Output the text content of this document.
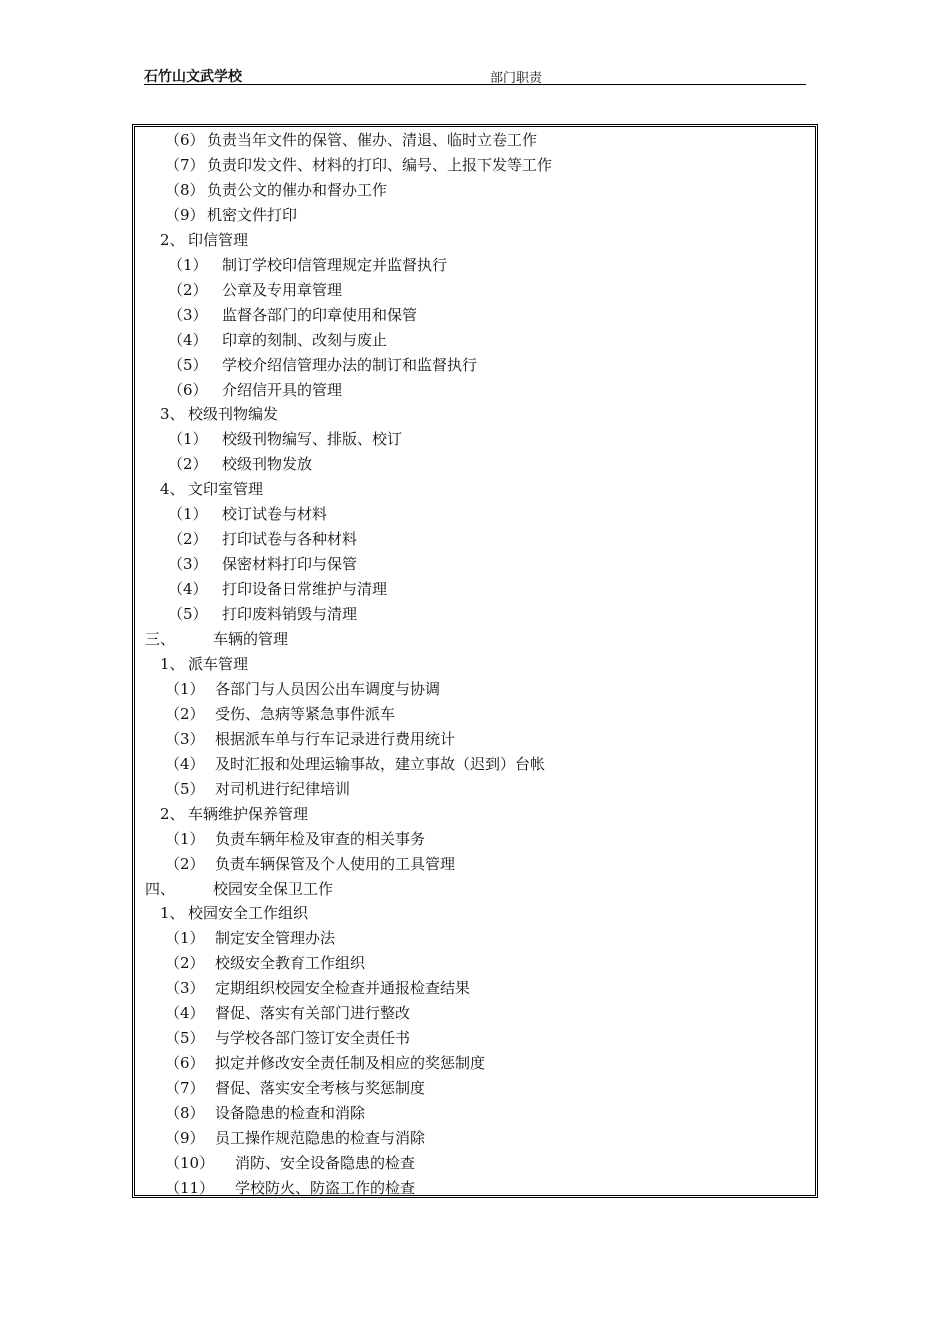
石竹山文武学校	部门职责
（6） 负责当年文件的保管、催办、清退、临时立卷工作
（7） 负责印发文件、材料的打印、编号、上报下发等工作
（8） 负责公文的催办和督办工作
（9） 机密文件打印
2、 印信管理
（1） 制订学校印信管理规定并监督执行
（2） 公章及专用章管理
（3） 监督各部门的印章使用和保管
（4） 印章的刻制、改刻与废止
（5） 学校介绍信管理办法的制订和监督执行
（6） 介绍信开具的管理
3、 校级刊物编发
（1） 校级刊物编写、排版、校订
（2） 校级刊物发放
4、 文印室管理
（1） 校订试卷与材料
（2） 打印试卷与各种材料
（3） 保密材料打印与保管
（4） 打印设备日常维护与清理
（5） 打印废料销毁与清理
三、	车辆的管理
1、 派车管理
（1） 各部门与人员因公出车调度与协调
（2） 受伤、急病等紧急事件派车
（3） 根据派车单与行车记录进行费用统计
（4） 及时汇报和处理运输事故，建立事故（迟到）台帐
（5） 对司机进行纪律培训
2、 车辆维护保养管理
（1） 负责车辆年检及审查的相关事务
（2） 负责车辆保管及个人使用的工具管理
四、	校园安全保卫工作
1、 校园安全工作组织
（1） 制定安全管理办法
（2） 校级安全教育工作组织
（3） 定期组织校园安全检查并通报检查结果
（4） 督促、落实有关部门进行整改
（5） 与学校各部门签订安全责任书
（6） 拟定并修改安全责任制及相应的奖惩制度
（7） 督促、落实安全考核与奖惩制度
（8） 设备隐患的检查和消除
（9） 员工操作规范隐患的检查与消除
（10） 消防、安全设备隐患的检查
（11） 学校防火、防盗工作的检查
